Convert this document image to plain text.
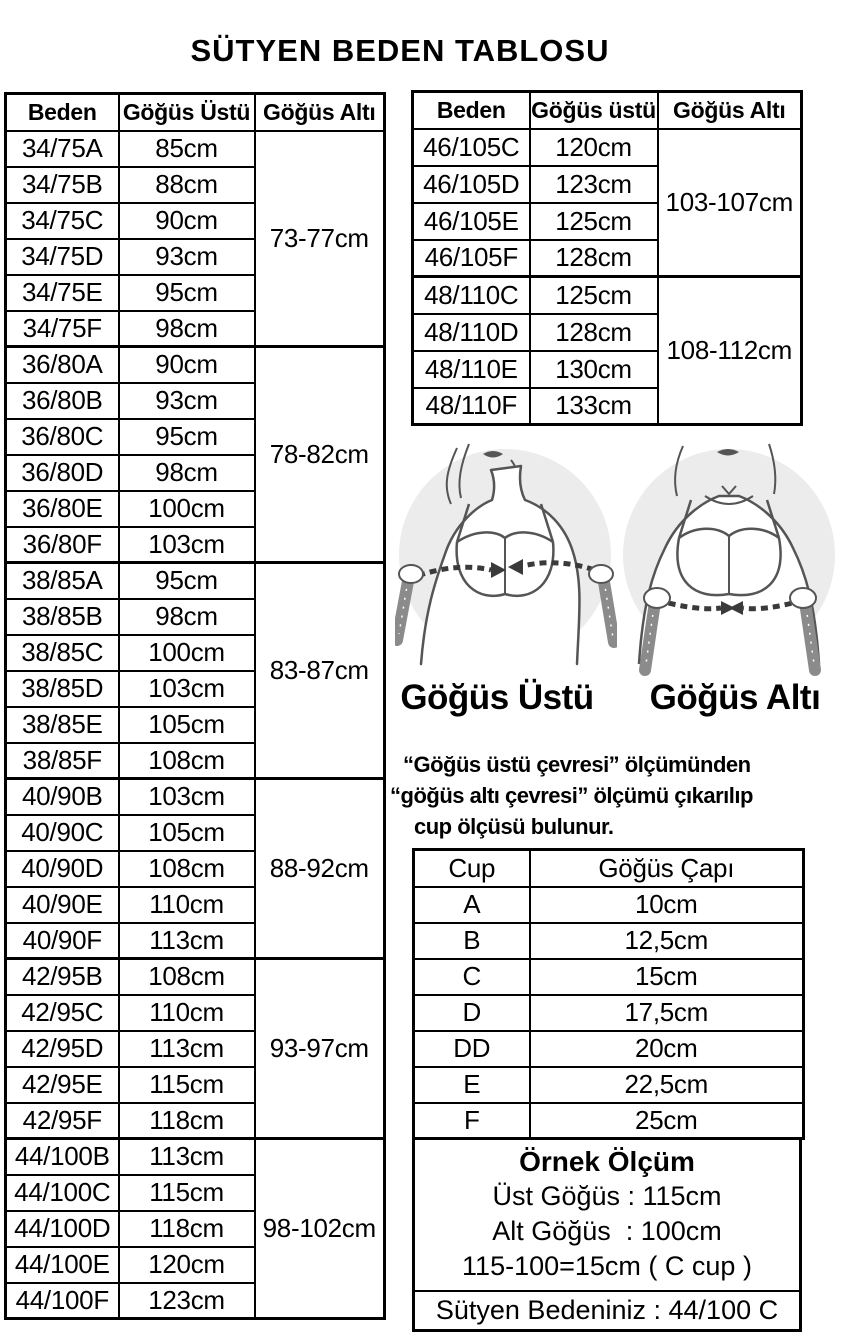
SÜTYEN BEDEN TABLOSU
Beden	Göğüs Üstü	Göğüs Altı
34/75A	85cm	73-77cm
34/75B	88cm	
34/75C	90cm	
34/75D	93cm	
34/75E	95cm	
34/75F	98cm	
36/80A	90cm	78-82cm
36/80B	93cm	
36/80C	95cm	
36/80D	98cm	
36/80E	100cm	
36/80F	103cm	
38/85A	95cm	83-87cm
38/85B	98cm	
38/85C	100cm	
38/85D	103cm	
38/85E	105cm	
38/85F	108cm	
40/90B	103cm	88-92cm
40/90C	105cm	
40/90D	108cm	
40/90E	110cm	
40/90F	113cm	
42/95B	108cm	93-97cm
42/95C	110cm	
42/95D	113cm	
42/95E	115cm	
42/95F	118cm	
44/100B	113cm	98-102cm
44/100C	115cm	
44/100D	118cm	
44/100E	120cm	
44/100F	123cm	
Beden	Göğüs üstü	Göğüs Altı
46/105C	120cm	103-107cm
46/105D	123cm	
46/105E	125cm	
46/105F	128cm	
48/110C	125cm	108-112cm
48/110D	128cm	
48/110E	130cm	
48/110F	133cm	
Göğüs Üstü	Göğüs Altı
“Göğüs üstü çevresi” ölçümünden
“göğüs altı çevresi” ölçümü çıkarılıp
cup ölçüsü bulunur.
Cup	Göğüs Çapı
A	10cm
B	12,5cm
C	15cm
D	17,5cm
DD	20cm
E	22,5cm
F	25cm
Örnek Ölçüm
Üst Göğüs : 115cm
Alt Göğüs  : 100cm
115-100=15cm ( C cup )
Sütyen Bedeniniz : 44/100 C
